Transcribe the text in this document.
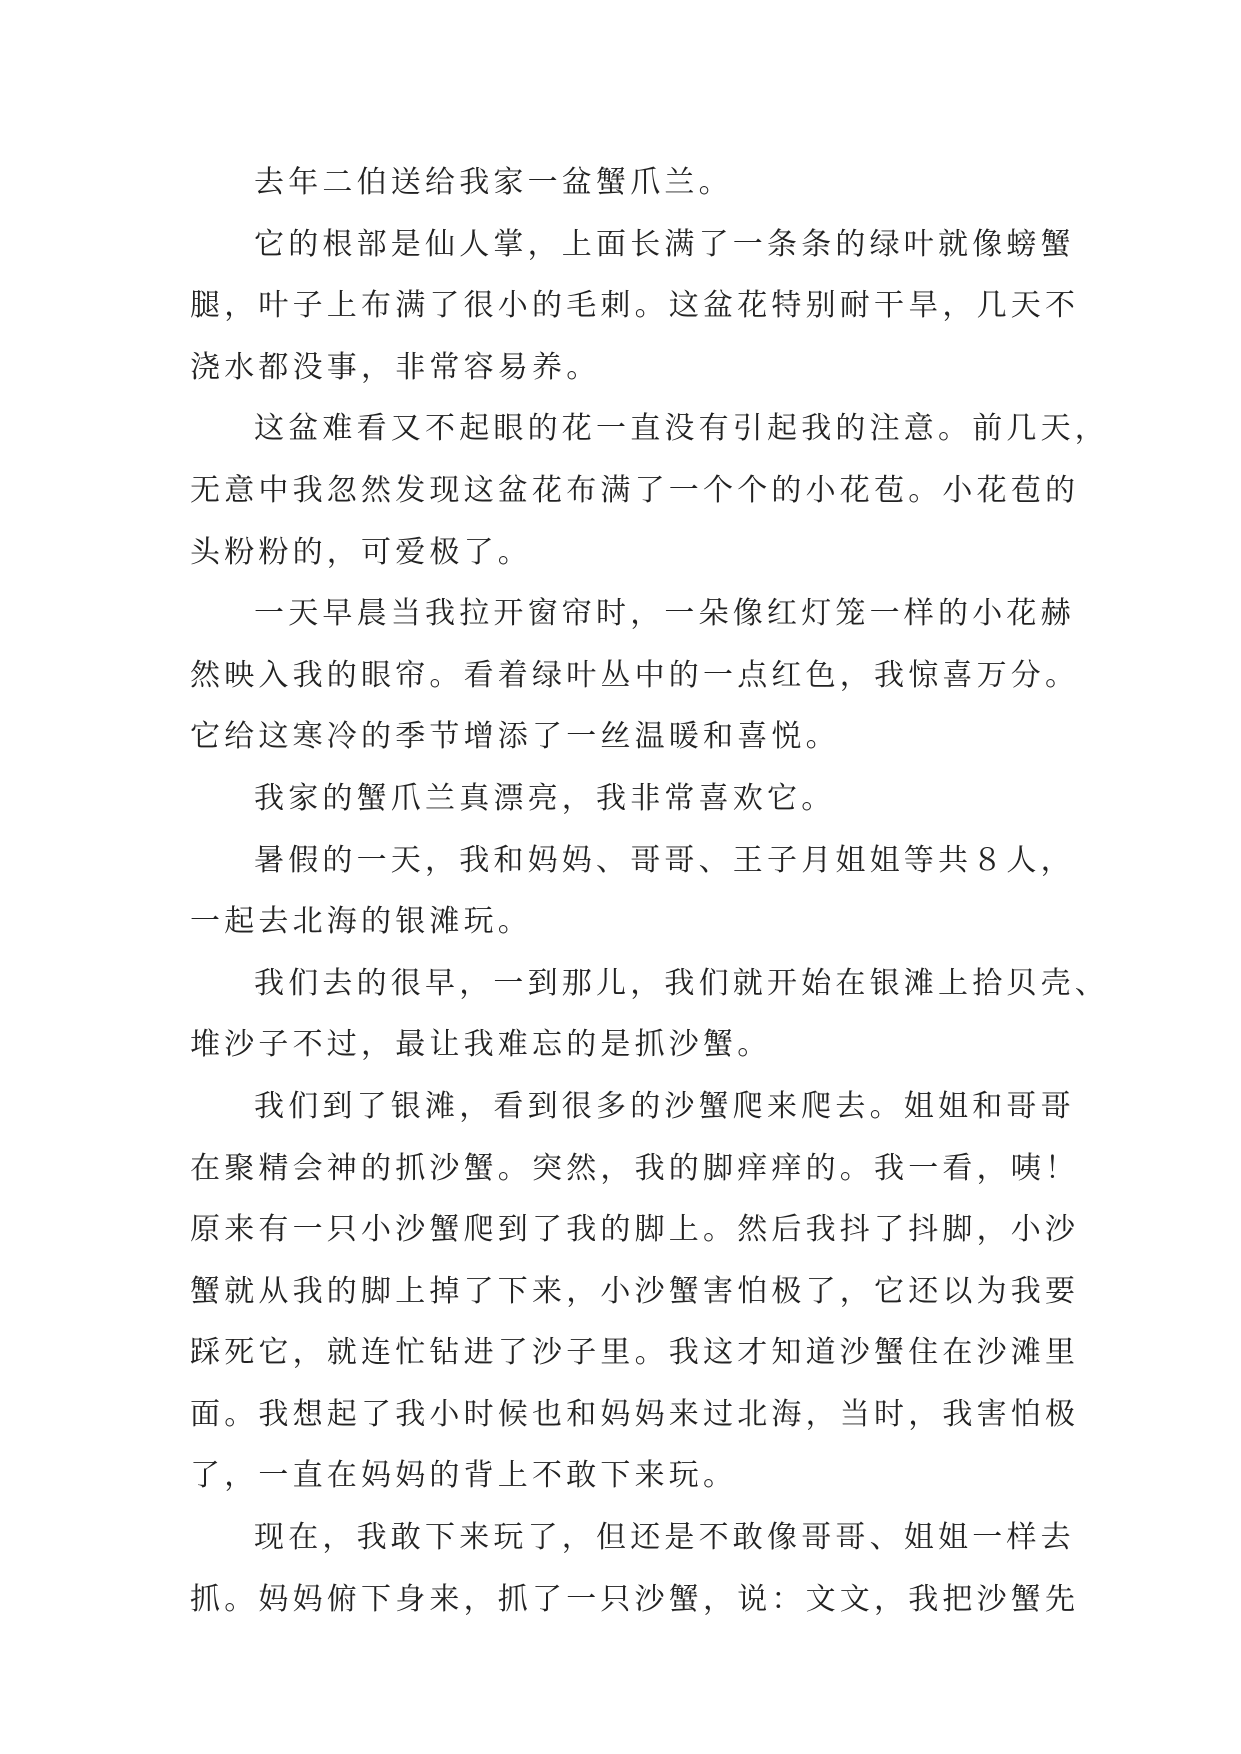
去年二伯送给我家一盆蟹爪兰。
它的根部是仙人掌，上面长满了一条条的绿叶就像螃蟹
腿，叶子上布满了很小的毛刺。这盆花特别耐干旱，几天不
浇水都没事，非常容易养。
这盆难看又不起眼的花一直没有引起我的注意。前几天，
无意中我忽然发现这盆花布满了一个个的小花苞。小花苞的
头粉粉的，可爱极了。
一天早晨当我拉开窗帘时，一朵像红灯笼一样的小花赫
然映入我的眼帘。看着绿叶丛中的一点红色，我惊喜万分。
它给这寒冷的季节增添了一丝温暖和喜悦。
我家的蟹爪兰真漂亮，我非常喜欢它。
暑假的一天，我和妈妈、哥哥、王子月姐姐等共８人，
一起去北海的银滩玩。
我们去的很早，一到那儿，我们就开始在银滩上拾贝壳、
堆沙子不过，最让我难忘的是抓沙蟹。
我们到了银滩，看到很多的沙蟹爬来爬去。姐姐和哥哥
在聚精会神的抓沙蟹。突然，我的脚痒痒的。我一看，咦！
原来有一只小沙蟹爬到了我的脚上。然后我抖了抖脚，小沙
蟹就从我的脚上掉了下来，小沙蟹害怕极了，它还以为我要
踩死它，就连忙钻进了沙子里。我这才知道沙蟹住在沙滩里
面。我想起了我小时候也和妈妈来过北海，当时，我害怕极
了，一直在妈妈的背上不敢下来玩。
现在，我敢下来玩了，但还是不敢像哥哥、姐姐一样去
抓。妈妈俯下身来，抓了一只沙蟹，说：文文，我把沙蟹先
